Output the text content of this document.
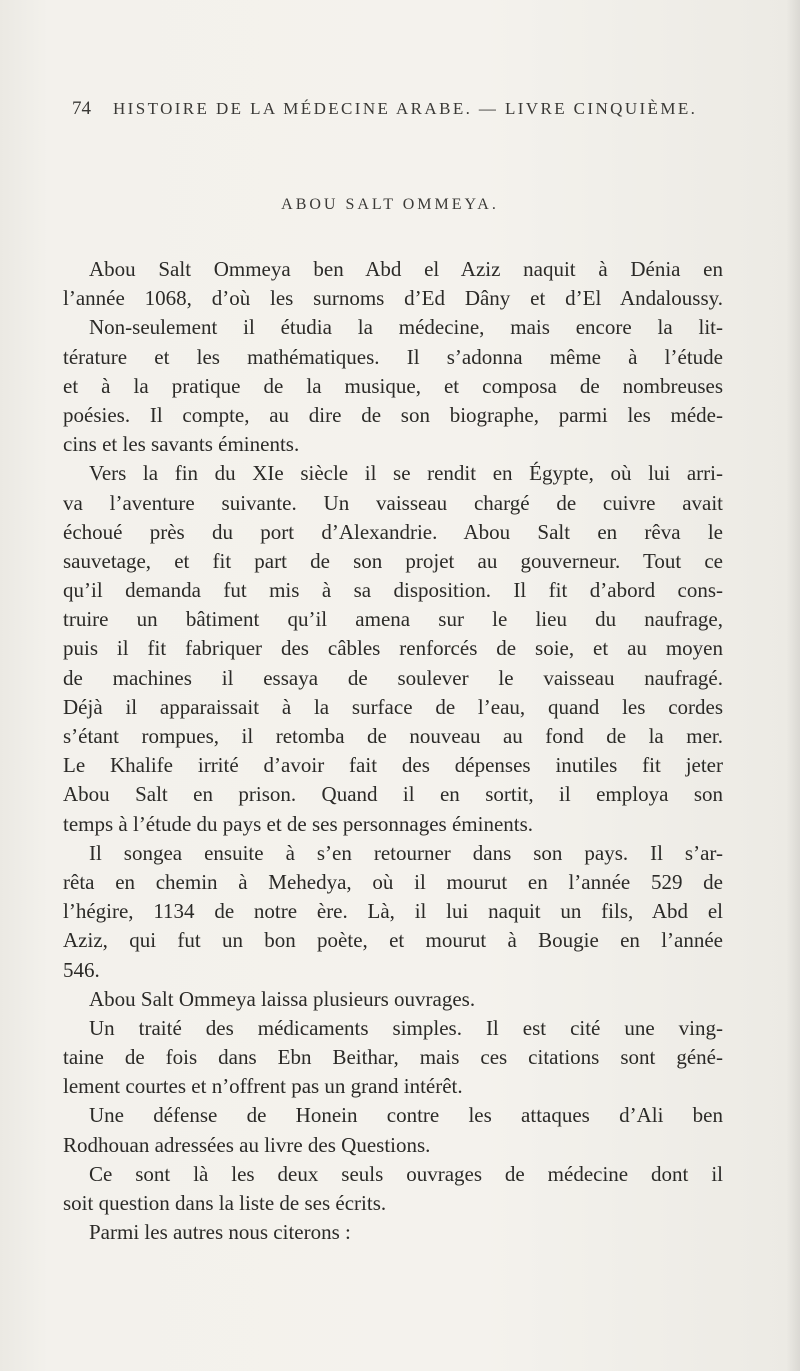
74 HISTOIRE DE LA MÉDECINE ARABE. — LIVRE CINQUIÈME.
ABOU SALT OMMEYA.
Abou Salt Ommeya ben Abd el Aziz naquit à Dénia en
l’année 1068, d’où les surnoms d’Ed Dâny et d’El Andaloussy.
Non-seulement il étudia la médecine, mais encore la lit-
térature et les mathématiques. Il s’adonna même à l’étude
et à la pratique de la musique, et composa de nombreuses
poésies. Il compte, au dire de son biographe, parmi les méde-
cins et les savants éminents.
Vers la fin du XIe siècle il se rendit en Égypte, où lui arri-
va l’aventure suivante. Un vaisseau chargé de cuivre avait
échoué près du port d’Alexandrie. Abou Salt en rêva le
sauvetage, et fit part de son projet au gouverneur. Tout ce
qu’il demanda fut mis à sa disposition. Il fit d’abord cons-
truire un bâtiment qu’il amena sur le lieu du naufrage,
puis il fit fabriquer des câbles renforcés de soie, et au moyen
de machines il essaya de soulever le vaisseau naufragé.
Déjà il apparaissait à la surface de l’eau, quand les cordes
s’étant rompues, il retomba de nouveau au fond de la mer.
Le Khalife irrité d’avoir fait des dépenses inutiles fit jeter
Abou Salt en prison. Quand il en sortit, il employa son
temps à l’étude du pays et de ses personnages éminents.
Il songea ensuite à s’en retourner dans son pays. Il s’ar-
rêta en chemin à Mehedya, où il mourut en l’année 529 de
l’hégire, 1134 de notre ère. Là, il lui naquit un fils, Abd el
Aziz, qui fut un bon poète, et mourut à Bougie en l’année
546.
Abou Salt Ommeya laissa plusieurs ouvrages.
Un traité des médicaments simples. Il est cité une ving-
taine de fois dans Ebn Beithar, mais ces citations sont géné-
lement courtes et n’offrent pas un grand intérêt.
Une défense de Honein contre les attaques d’Ali ben
Rodhouan adressées au livre des Questions.
Ce sont là les deux seuls ouvrages de médecine dont il
soit question dans la liste de ses écrits.
Parmi les autres nous citerons :
